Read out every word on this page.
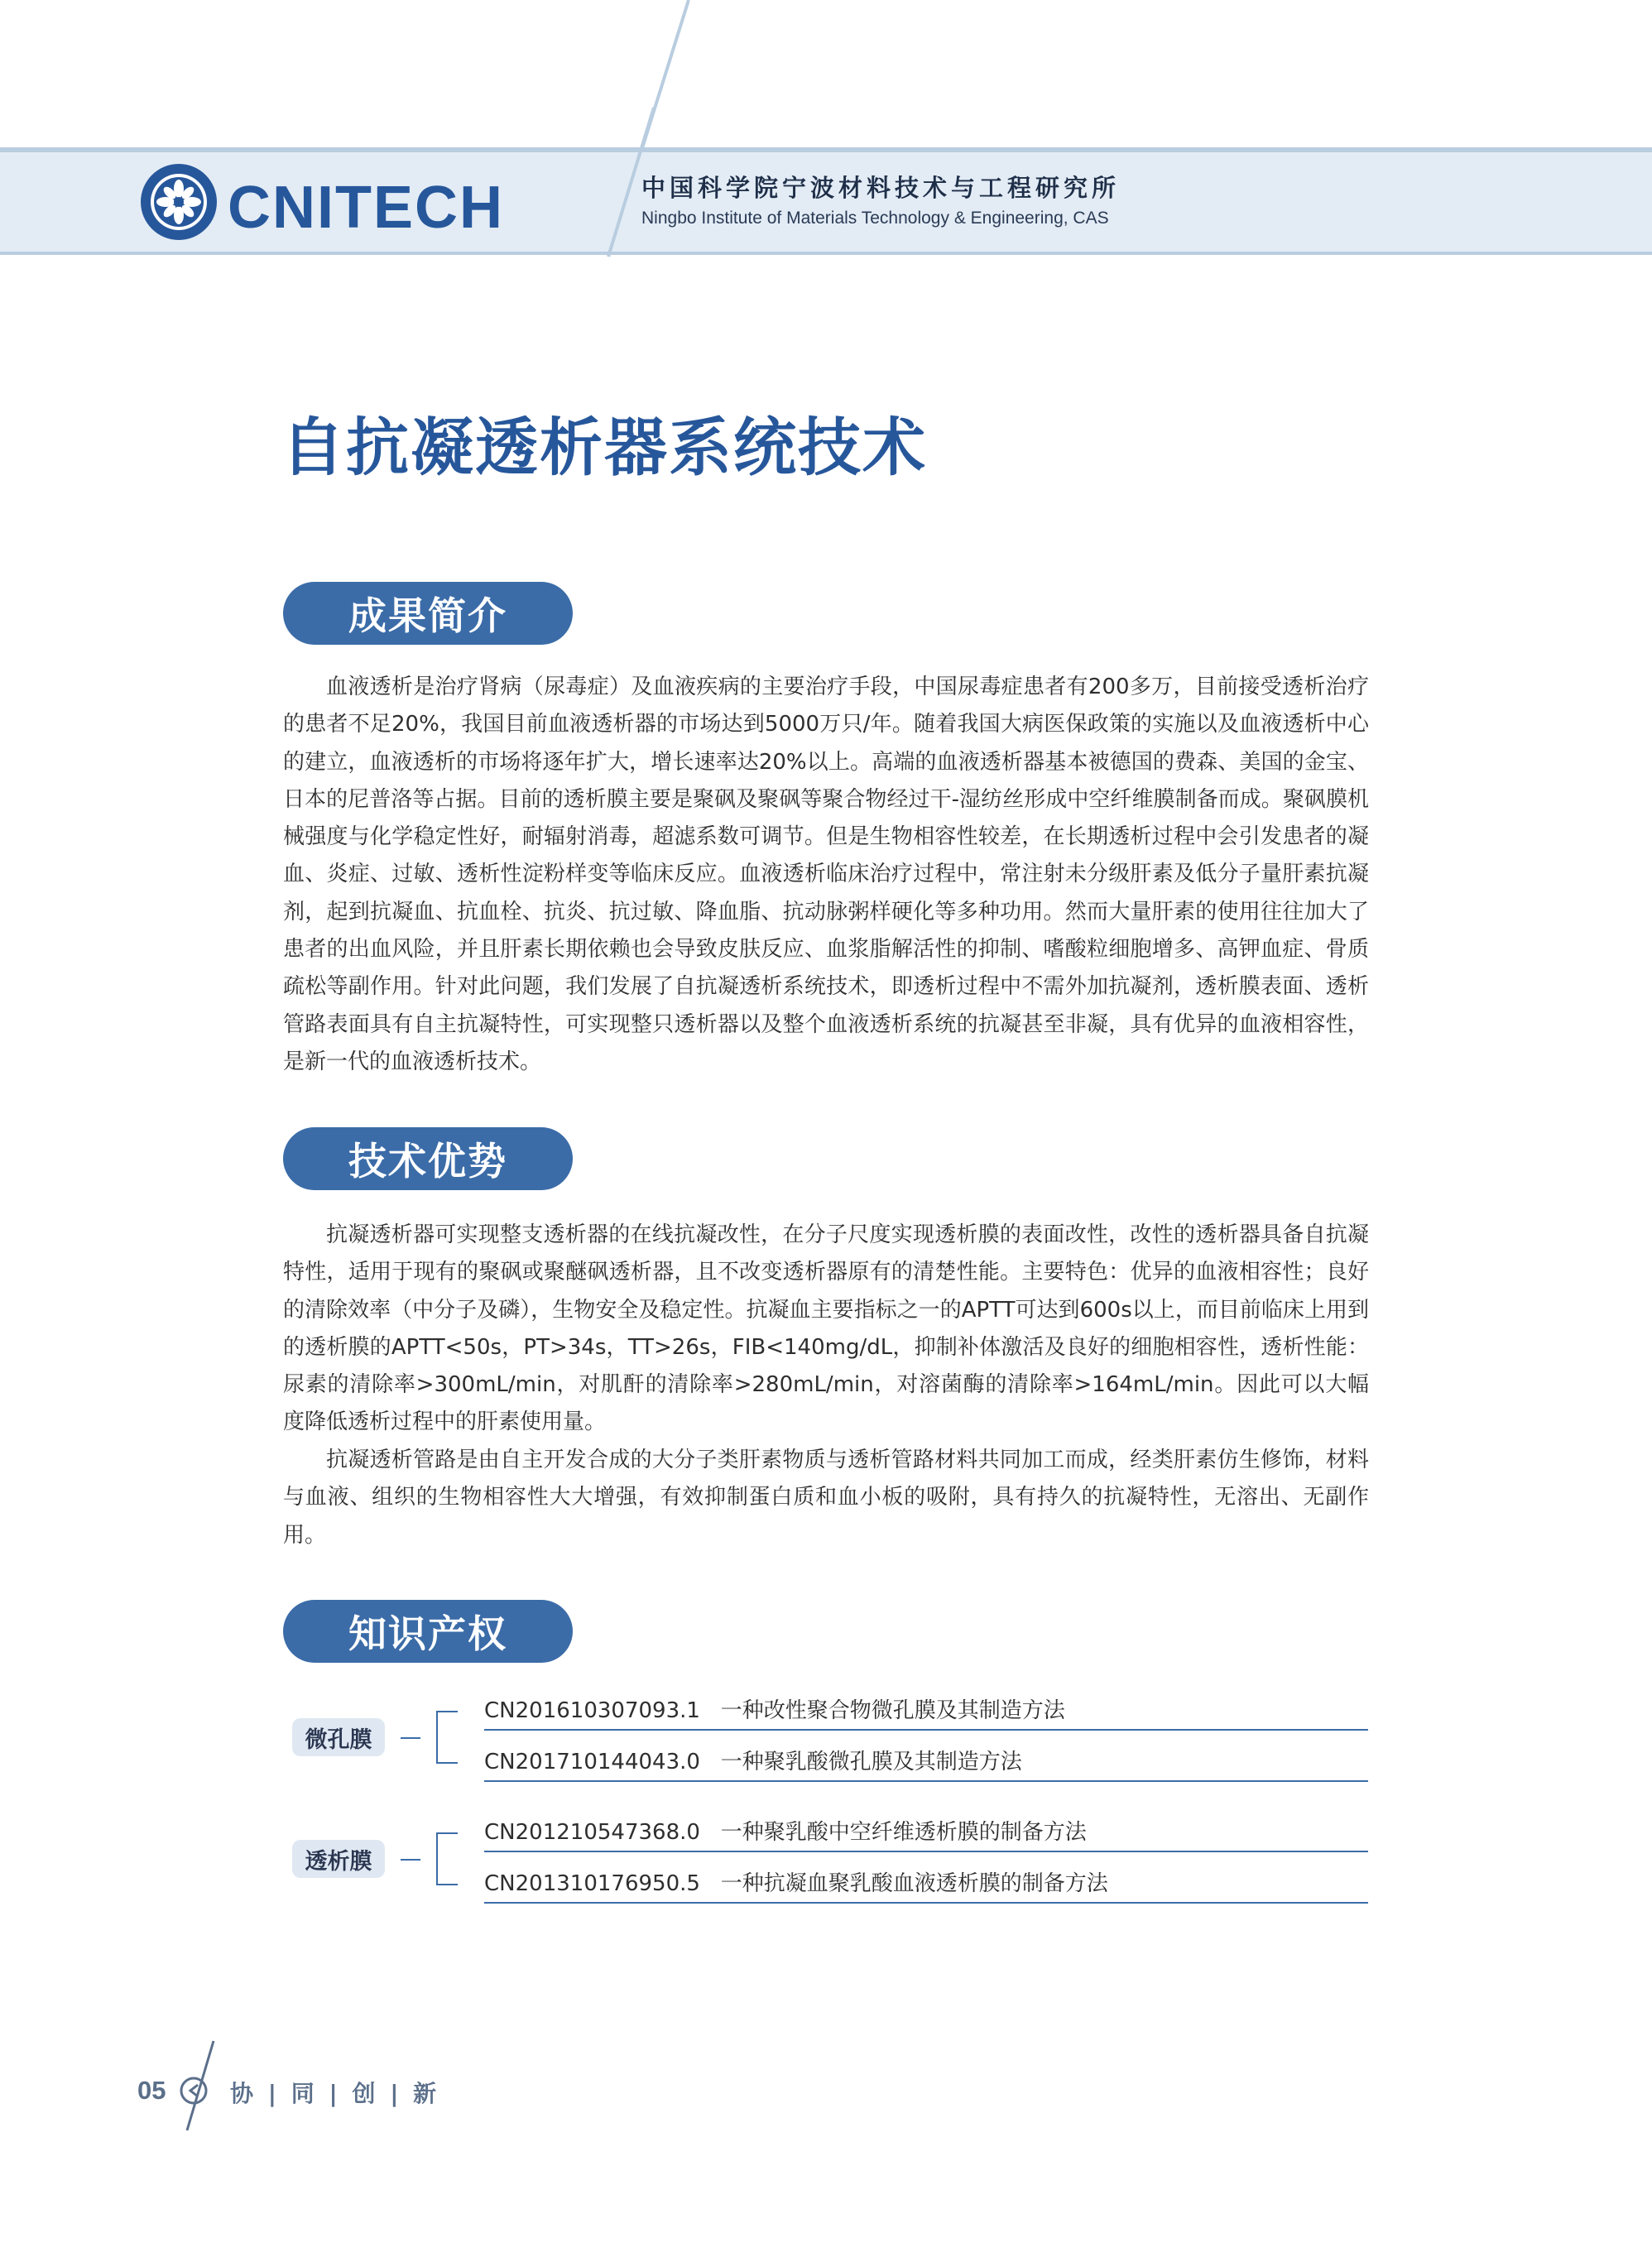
CNITECH	中国科学院宁波材料技术与工程研究所
Ningbo Institute of Materials Technology & Engineering, CAS
自抗凝透析器系统技术
成果简介

血液透析是治疗肾病（尿毒症）及血液疾病的主要治疗手段，中国尿毒症患者有200多万，目前接受透析治疗的患者不足20%，我国目前血液透析器的市场达到5000万只/年。随着我国大病医保政策的实施以及血液透析中心的建立，血液透析的市场将逐年扩大，增长速率达20%以上。高端的血液透析器基本被德国的费森、美国的金宝、日本的尼普洛等占据。目前的透析膜主要是聚砜及聚砜等聚合物经过干-湿纺丝形成中空纤维膜制备而成。聚砜膜机械强度与化学稳定性好，耐辐射消毒，超滤系数可调节。但是生物相容性较差，在长期透析过程中会引发患者的凝血、炎症、过敏、透析性淀粉样变等临床反应。血液透析临床治疗过程中，常注射未分级肝素及低分子量肝素抗凝剂，起到抗凝血、抗血栓、抗炎、抗过敏、降血脂、抗动脉粥样硬化等多种功用。然而大量肝素的使用往往加大了患者的出血风险，并且肝素长期依赖也会导致皮肤反应、血浆脂解活性的抑制、嗜酸粒细胞增多、高钾血症、骨质疏松等副作用。针对此问题，我们发展了自抗凝透析系统技术，即透析过程中不需外加抗凝剂，透析膜表面、透析管路表面具有自主抗凝特性，可实现整只透析器以及整个血液透析系统的抗凝甚至非凝，具有优异的血液相容性，是新一代的血液透析技术。

技术优势

抗凝透析器可实现整支透析器的在线抗凝改性，在分子尺度实现透析膜的表面改性，改性的透析器具备自抗凝特性，适用于现有的聚砜或聚醚砜透析器，且不改变透析器原有的清楚性能。主要特色：优异的血液相容性；良好的清除效率（中分子及磷），生物安全及稳定性。抗凝血主要指标之一的APTT可达到600s以上，而目前临床上用到的透析膜的APTT<50s，PT>34s，TT>26s，FIB<140mg/dL，抑制补体激活及良好的细胞相容性，透析性能：尿素的清除率>300mL/min，对肌酐的清除率>280mL/min，对溶菌酶的清除率>164mL/min。因此可以大幅度降低透析过程中的肝素使用量。

抗凝透析管路是由自主开发合成的大分子类肝素物质与透析管路材料共同加工而成，经类肝素仿生修饰，材料与血液、组织的生物相容性大大增强，有效抑制蛋白质和血小板的吸附，具有持久的抗凝特性，无溶出、无副作用。

知识产权
微孔膜
CN201610307093.1   一种改性聚合物微孔膜及其制造方法
CN201710144043.0   一种聚乳酸微孔膜及其制造方法
透析膜
CN201210547368.0   一种聚乳酸中空纤维透析膜的制备方法
CN201310176950.5   一种抗凝血聚乳酸血液透析膜的制备方法
05	协 | 同 | 创 | 新
